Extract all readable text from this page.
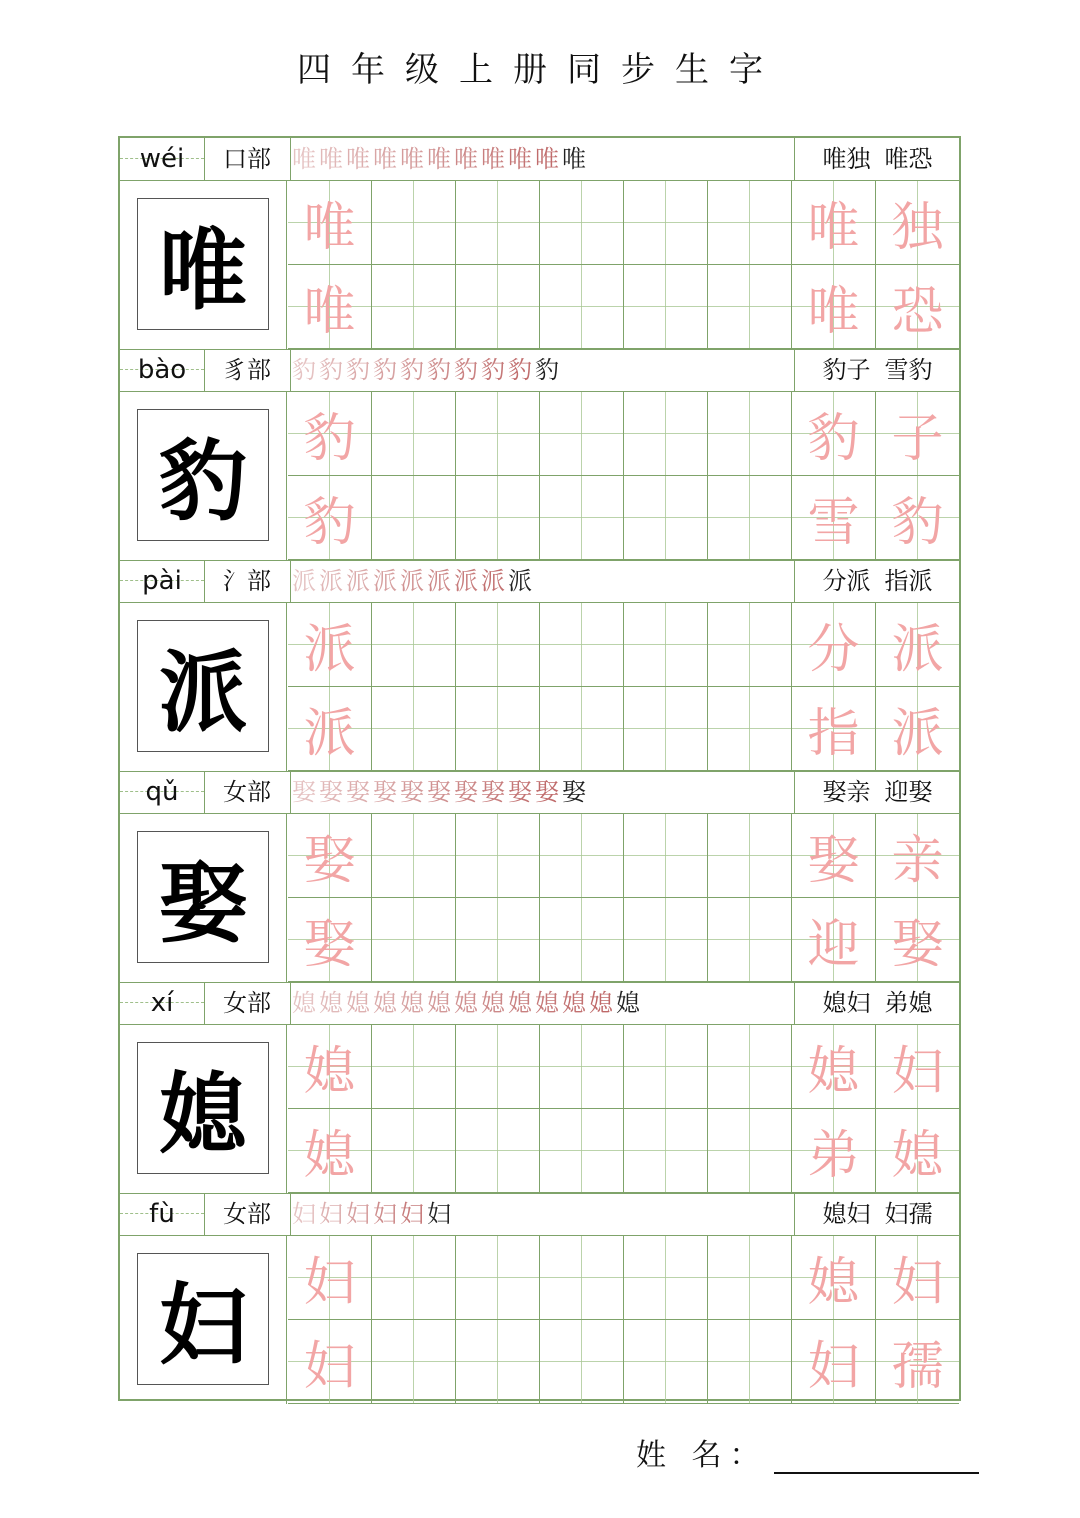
四年级上册同步生字
wéi	口部 唯唯唯唯唯唯唯唯唯唯唯	唯独 唯恐
唯 唯	唯 独
唯	唯 恐
bào	豸部 豹豹豹豹豹豹豹豹豹豹	豹子 雪豹
豹 豹	豹 子
豹	雪 豹
pài	氵部 派派派派派派派派派	分派 指派
派 派	分 派
派	指 派
qǔ	女部 娶娶娶娶娶娶娶娶娶娶娶	娶亲 迎娶
娶 娶	娶 亲
娶	迎 娶
xí	女部 媳媳媳媳媳媳媳媳媳媳媳媳媳	媳妇 弟媳
媳 媳	媳 妇
媳	弟 媳
fù	女部 妇妇妇妇妇妇	媳妇 妇孺
妇 妇	媳 妇
妇	妇 孺
姓 名：
